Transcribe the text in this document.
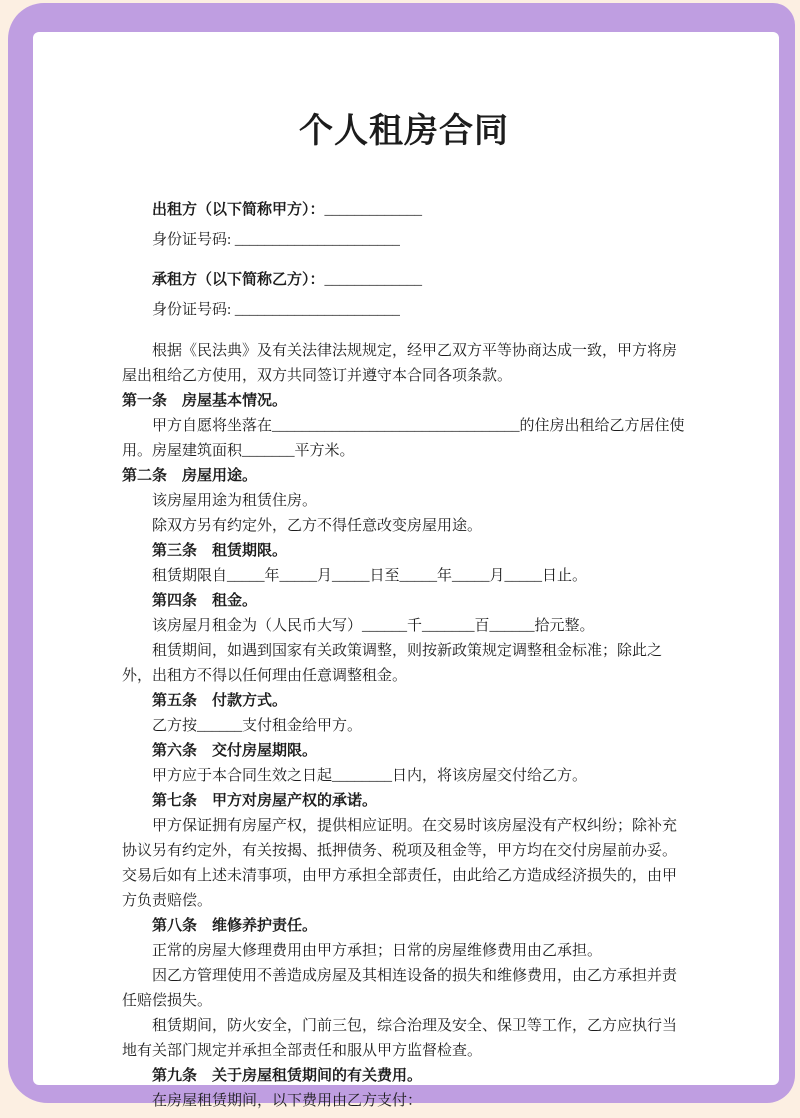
个人租房合同

出租方（以下简称甲方）：_____________

身份证号码: ______________________

承租方（以下简称乙方）：_____________

身份证号码: ______________________

根据《民法典》及有关法律法规规定，经甲乙双方平等协商达成一致，甲方将房屋出租给乙方使用，双方共同签订并遵守本合同各项条款。

第一条　房屋基本情况。

甲方自愿将坐落在_________________________________的住房出租给乙方居住使用。房屋建筑面积_______平方米。

第二条　房屋用途。

该房屋用途为租赁住房。

除双方另有约定外，乙方不得任意改变房屋用途。

第三条　租赁期限。

租赁期限自_____年_____月_____日至_____年_____月_____日止。

第四条　租金。

该房屋月租金为（人民币大写）______千_______百______拾元整。

租赁期间，如遇到国家有关政策调整，则按新政策规定调整租金标准；除此之外，出租方不得以任何理由任意调整租金。

第五条　付款方式。

乙方按______支付租金给甲方。

第六条　交付房屋期限。

甲方应于本合同生效之日起________日内，将该房屋交付给乙方。

第七条　甲方对房屋产权的承诺。

甲方保证拥有房屋产权，提供相应证明。在交易时该房屋没有产权纠纷；除补充协议另有约定外，有关按揭、抵押债务、税项及租金等，甲方均在交付房屋前办妥。交易后如有上述未清事项，由甲方承担全部责任，由此给乙方造成经济损失的，由甲方负责赔偿。

第八条　维修养护责任。

正常的房屋大修理费用由甲方承担；日常的房屋维修费用由乙承担。

因乙方管理使用不善造成房屋及其相连设备的损失和维修费用，由乙方承担并责任赔偿损失。

租赁期间，防火安全，门前三包，综合治理及安全、保卫等工作，乙方应执行当地有关部门规定并承担全部责任和服从甲方监督检查。

第九条　关于房屋租赁期间的有关费用。

在房屋租赁期间，以下费用由乙方支付：
